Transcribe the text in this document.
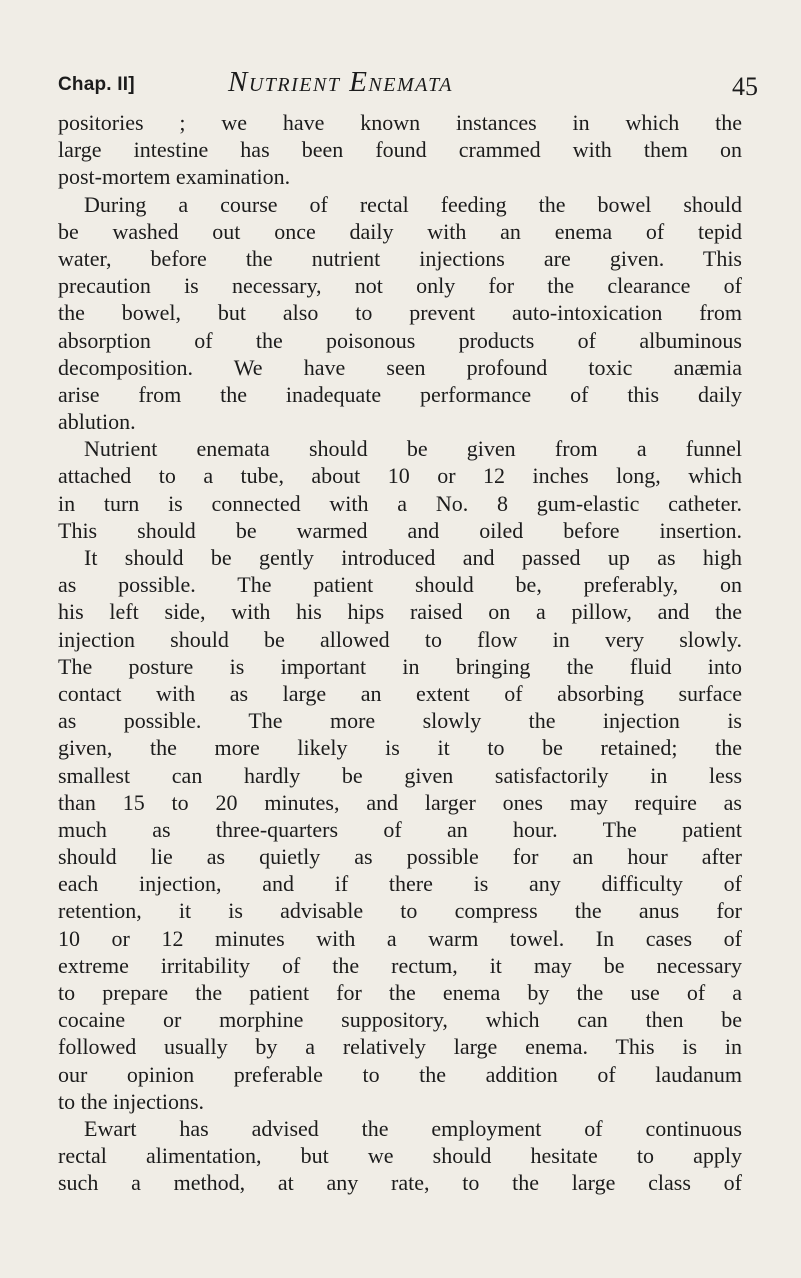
Chap. II]	Nutrient Enemata	45
positories ; we have known instances in which the
large intestine has been found crammed with them on
post-mortem examination.
During a course of rectal feeding the bowel should
be washed out once daily with an enema of tepid
water, before the nutrient injections are given. This
precaution is necessary, not only for the clearance of
the bowel, but also to prevent auto-intoxication from
absorption of the poisonous products of albuminous
decomposition. We have seen profound toxic anæmia
arise from the inadequate performance of this daily
ablution.
Nutrient enemata should be given from a funnel
attached to a tube, about 10 or 12 inches long, which
in turn is connected with a No. 8 gum-elastic catheter.
This should be warmed and oiled before insertion.
It should be gently introduced and passed up as high
as possible. The patient should be, preferably, on
his left side, with his hips raised on a pillow, and the
injection should be allowed to flow in very slowly.
The posture is important in bringing the fluid into
contact with as large an extent of absorbing surface
as possible. The more slowly the injection is
given, the more likely is it to be retained; the
smallest can hardly be given satisfactorily in less
than 15 to 20 minutes, and larger ones may require as
much as three-quarters of an hour. The patient
should lie as quietly as possible for an hour after
each injection, and if there is any difficulty of
retention, it is advisable to compress the anus for
10 or 12 minutes with a warm towel. In cases of
extreme irritability of the rectum, it may be necessary
to prepare the patient for the enema by the use of a
cocaine or morphine suppository, which can then be
followed usually by a relatively large enema. This is in
our opinion preferable to the addition of laudanum
to the injections.
Ewart has advised the employment of continuous
rectal alimentation, but we should hesitate to apply
such a method, at any rate, to the large class of
